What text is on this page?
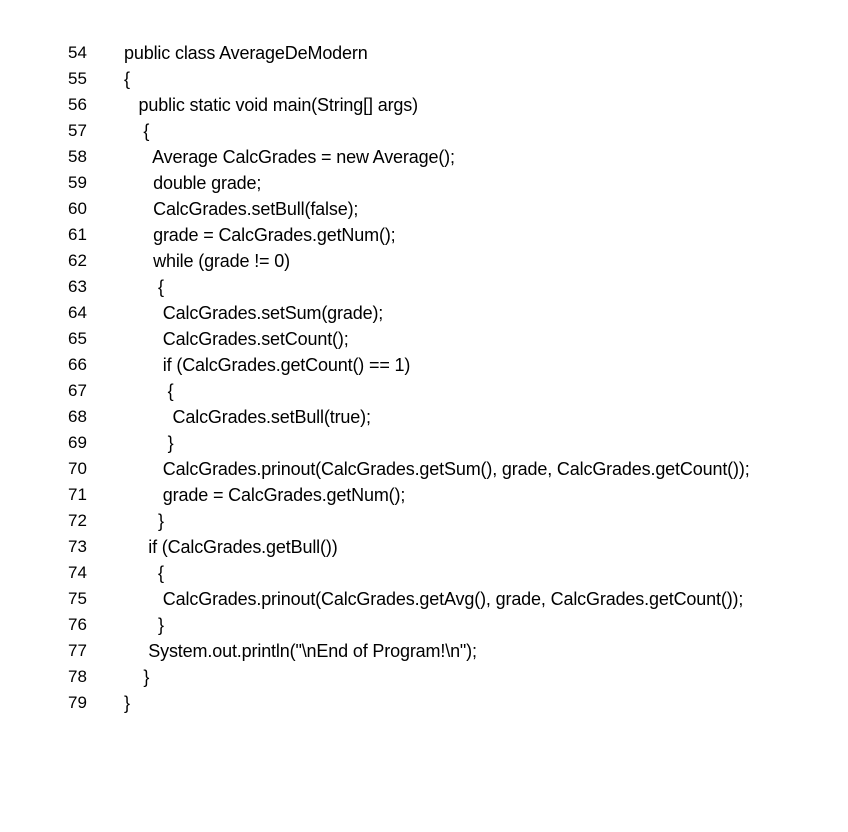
54	public class AverageDeModern
55	{
56	public static void main(String[] args)
57	{
58	Average CalcGrades = new Average();
59	double grade;
60	CalcGrades.setBull(false);
61	grade = CalcGrades.getNum();
62	while (grade != 0)
63	{
64	CalcGrades.setSum(grade);
65	CalcGrades.setCount();
66	if (CalcGrades.getCount() == 1)
67	{
68	CalcGrades.setBull(true);
69	}
70	CalcGrades.prinout(CalcGrades.getSum(), grade, CalcGrades.getCount());
71	grade = CalcGrades.getNum();
72	}
73	if (CalcGrades.getBull())
74	{
75	CalcGrades.prinout(CalcGrades.getAvg(), grade, CalcGrades.getCount());
76	}
77	System.out.println("\nEnd of Program!\n");
78	}
79	}
